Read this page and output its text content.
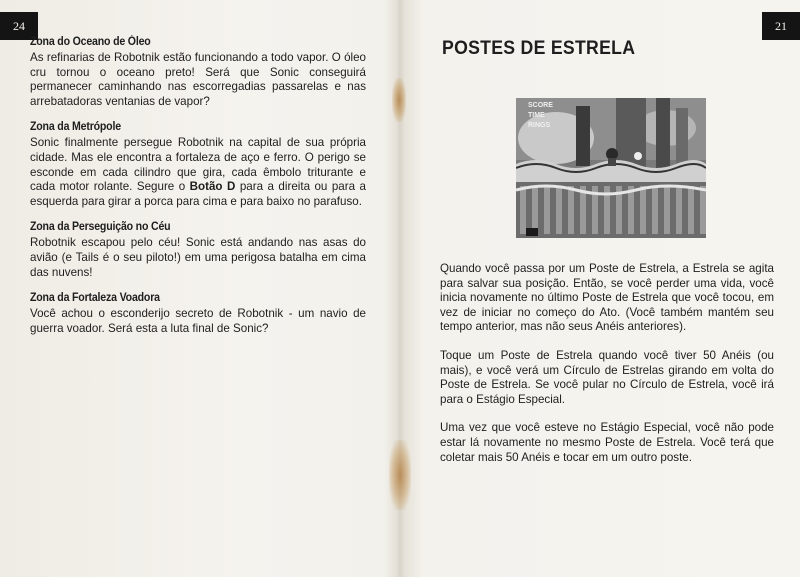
24	21
Zona do Oceano de Óleo

As refinarias de Robotnik estão funcionando a todo vapor. O óleo cru tornou o oceano preto! Será que Sonic conseguirá permanecer caminhando nas escorregadias passarelas e nas arrebatadoras ventanias de vapor?

Zona da Metrópole

Sonic finalmente persegue Robotnik na capital de sua própria cidade. Mas ele encontra a fortaleza de aço e ferro. O perigo se esconde em cada cilindro que gira, cada êmbolo triturante e cada motor rolante. Segure o Botão D para a direita ou para a esquerda para girar a porca para cima e para baixo no parafuso.

Zona da Perseguição no Céu

Robotnik escapou pelo céu! Sonic está andando nas asas do avião (e Tails é o seu piloto!) em uma perigosa batalha em cima das nuvens!

Zona da Fortaleza Voadora

Você achou o esconderijo secreto de Robotnik - um navio de guerra voador. Será esta a luta final de Sonic?

POSTES DE ESTRELA
SCORE
TIME
RINGS

Quando você passa por um Poste de Estrela, a Estrela se agita para salvar sua posição. Então, se você perder uma vida, você inicia novamente no último Poste de Estrela que você tocou, em vez de iniciar no começo do Ato. (Você também mantém seu tempo anterior, mas não seus Anéis anteriores).

Toque um Poste de Estrela quando você tiver 50 Anéis (ou mais), e você verá um Círculo de Estrelas girando em volta do Poste de Estrela. Se você pular no Círculo de Estrela, você irá para o Estágio Especial.

Uma vez que você esteve no Estágio Especial, você não pode estar lá novamente no mesmo Poste de Estrela. Você terá que coletar mais 50 Anéis e tocar em um outro poste.
